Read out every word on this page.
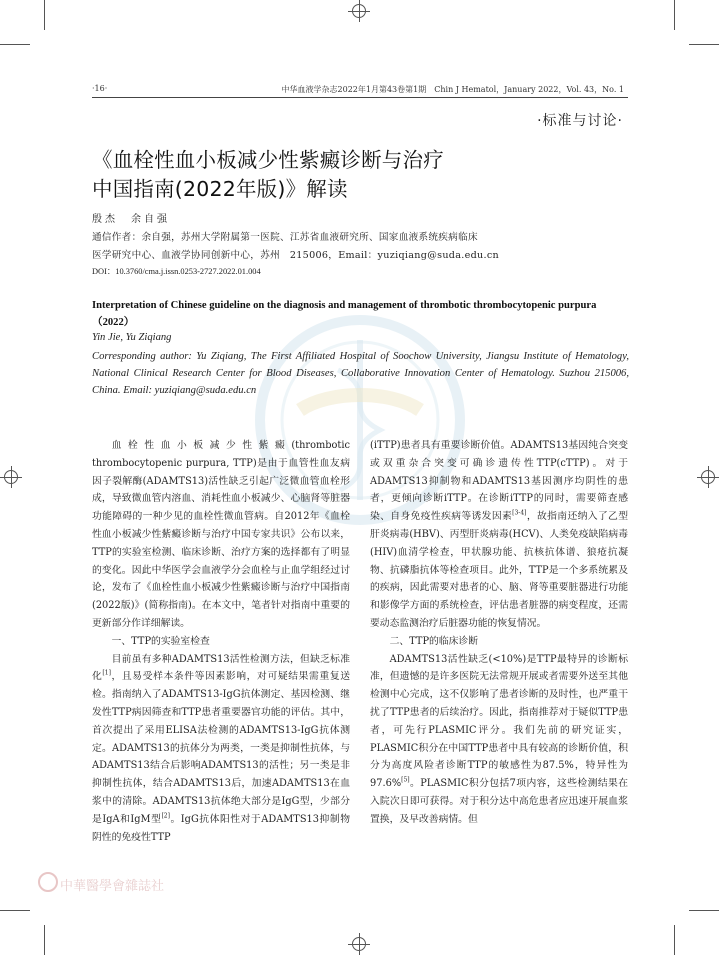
·16·	中华血液学杂志2022年1月第43卷第1期　Chin J Hematol，January 2022，Vol. 43，No. 1
·标准与讨论·
《血栓性血小板减少性紫癜诊断与治疗
中国指南(2022年版)》解读
殷杰　余自强
通信作者：余自强，苏州大学附属第一医院、江苏省血液研究所、国家血液系统疾病临床
医学研究中心、血液学协同创新中心，苏州　215006，Email：yuziqiang@suda.edu.cn
DOI：10.3760/cma.j.issn.0253-2727.2022.01.004
Interpretation of Chinese guideline on the diagnosis and management of thrombotic thrombocytopenic purpura（2022）
Yin Jie, Yu Ziqiang
Corresponding author: Yu Ziqiang, The First Affiliated Hospital of Soochow University, Jiangsu Institute of Hematology, National Clinical Research Center for Blood Diseases, Collaborative Innovation Center of Hematology. Suzhou 215006, China. Email: yuziqiang@suda.edu.cn

血栓性血小板减少性紫癜(thrombotic thrombocytopenic purpura, TTP)是由于血管性血友病因子裂解酶(ADAMTS13)活性缺乏引起广泛微血管血栓形成，导致微血管内溶血、消耗性血小板减少、心脑肾等脏器功能障碍的一种少见的血栓性微血管病。自2012年《血栓性血小板减少性紫癜诊断与治疗中国专家共识》公布以来，TTP的实验室检测、临床诊断、治疗方案的选择都有了明显的变化。因此中华医学会血液学分会血栓与止血学组经过讨论，发布了《血栓性血小板减少性紫癜诊断与治疗中国指南(2022版)》(简称指南)。在本文中，笔者针对指南中重要的更新部分作详细解读。

一、TTP的实验室检查

目前虽有多种ADAMTS13活性检测方法，但缺乏标准化[1]，且易受样本条件等因素影响，对可疑结果需重复送检。指南纳入了ADAMTS13-IgG抗体测定、基因检测、继发性TTP病因筛查和TTP患者重要器官功能的评估。其中，首次提出了采用ELISA法检测的ADAMTS13-IgG抗体测定。ADAMTS13的抗体分为两类，一类是抑制性抗体，与ADAMTS13结合后影响ADAMTS13的活性；另一类是非抑制性抗体，结合ADAMTS13后，加速ADAMTS13在血浆中的清除。ADAMTS13抗体绝大部分是IgG型，少部分是IgA和IgM型[2]。IgG抗体阳性对于ADAMTS13抑制物阴性的免疫性TTP

(iTTP)患者具有重要诊断价值。ADAMTS13基因纯合突变或双重杂合突变可确诊遗传性TTP(cTTP)。对于ADAMTS13抑制物和ADAMTS13基因测序均阴性的患者，更倾向诊断iTTP。在诊断iTTP的同时，需要筛查感染、自身免疫性疾病等诱发因素[3-4]，故指南还纳入了乙型肝炎病毒(HBV)、丙型肝炎病毒(HCV)、人类免疫缺陷病毒(HIV)血清学检查，甲状腺功能、抗核抗体谱、狼疮抗凝物、抗磷脂抗体等检查项目。此外，TTP是一个多系统累及的疾病，因此需要对患者的心、脑、肾等重要脏器进行功能和影像学方面的系统检查，评估患者脏器的病变程度，还需要动态监测治疗后脏器功能的恢复情况。

二、TTP的临床诊断

ADAMTS13活性缺乏(<10%)是TTP最特异的诊断标准，但遗憾的是许多医院无法常规开展或者需要外送至其他检测中心完成，这不仅影响了患者诊断的及时性，也严重干扰了TTP患者的后续治疗。因此，指南推荐对于疑似TTP患者，可先行PLASMIC评分。我们先前的研究证实，PLASMIC积分在中国TTP患者中具有较高的诊断价值，积分为高度风险者诊断TTP的敏感性为87.5%，特异性为97.6%[5]。PLASMIC积分包括7项内容，这些检测结果在入院次日即可获得。对于积分达中高危患者应迅速开展血浆置换，及早改善病情。但

中華醫學會雜誌社
